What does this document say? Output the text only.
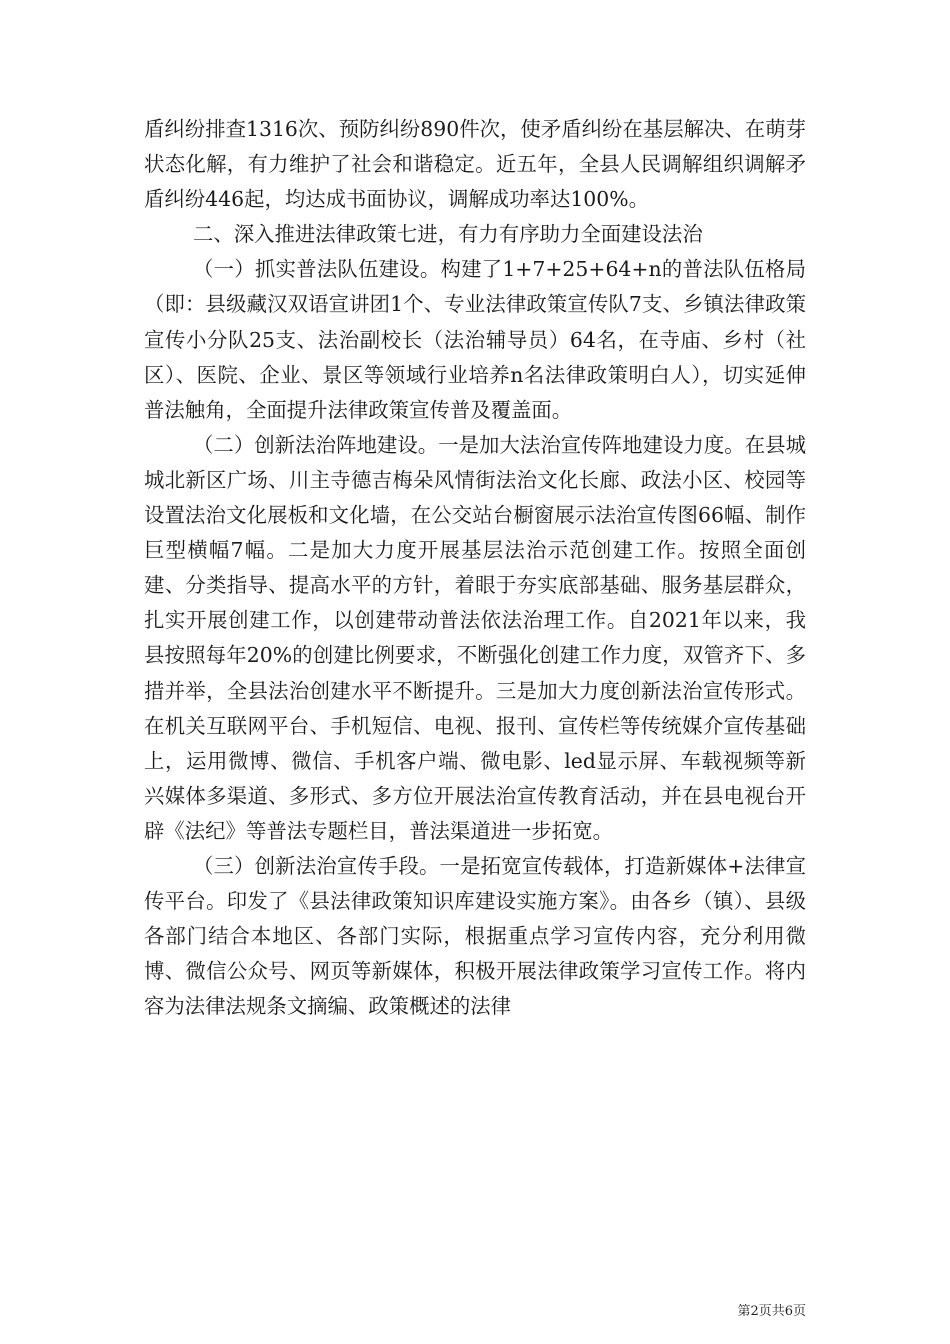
盾纠纷排查1316次、预防纠纷890件次，使矛盾纠纷在基层解决、在萌芽状态化解，有力维护了社会和谐稳定。近五年，全县人民调解组织调解矛盾纠纷446起，均达成书面协议，调解成功率达100%。

二、深入推进法律政策七进，有力有序助力全面建设法治

（一）抓实普法队伍建设。构建了1+7+25+64+n的普法队伍格局（即：县级藏汉双语宣讲团1个、专业法律政策宣传队7支、乡镇法律政策宣传小分队25支、法治副校长（法治辅导员）64名，在寺庙、乡村（社区）、医院、企业、景区等领域行业培养n名法律政策明白人），切实延伸普法触角，全面提升法律政策宣传普及覆盖面。

（二）创新法治阵地建设。一是加大法治宣传阵地建设力度。在县城城北新区广场、川主寺德吉梅朵风情街法治文化长廊、政法小区、校园等设置法治文化展板和文化墙，在公交站台橱窗展示法治宣传图66幅、制作巨型横幅7幅。二是加大力度开展基层法治示范创建工作。按照全面创建、分类指导、提高水平的方针，着眼于夯实底部基础、服务基层群众，扎实开展创建工作，以创建带动普法依法治理工作。自2021年以来，我县按照每年20%的创建比例要求，不断强化创建工作力度，双管齐下、多措并举，全县法治创建水平不断提升。三是加大力度创新法治宣传形式。在机关互联网平台、手机短信、电视、报刊、宣传栏等传统媒介宣传基础上，运用微博、微信、手机客户端、微电影、led显示屏、车载视频等新兴媒体多渠道、多形式、多方位开展法治宣传教育活动，并在县电视台开辟《法纪》等普法专题栏目，普法渠道进一步拓宽。

（三）创新法治宣传手段。一是拓宽宣传载体，打造新媒体+法律宣传平台。印发了《县法律政策知识库建设实施方案》。由各乡（镇）、县级各部门结合本地区、各部门实际，根据重点学习宣传内容，充分利用微博、微信公众号、网页等新媒体，积极开展法律政策学习宣传工作。将内容为法律法规条文摘编、政策概述的法律

第2页共6页
